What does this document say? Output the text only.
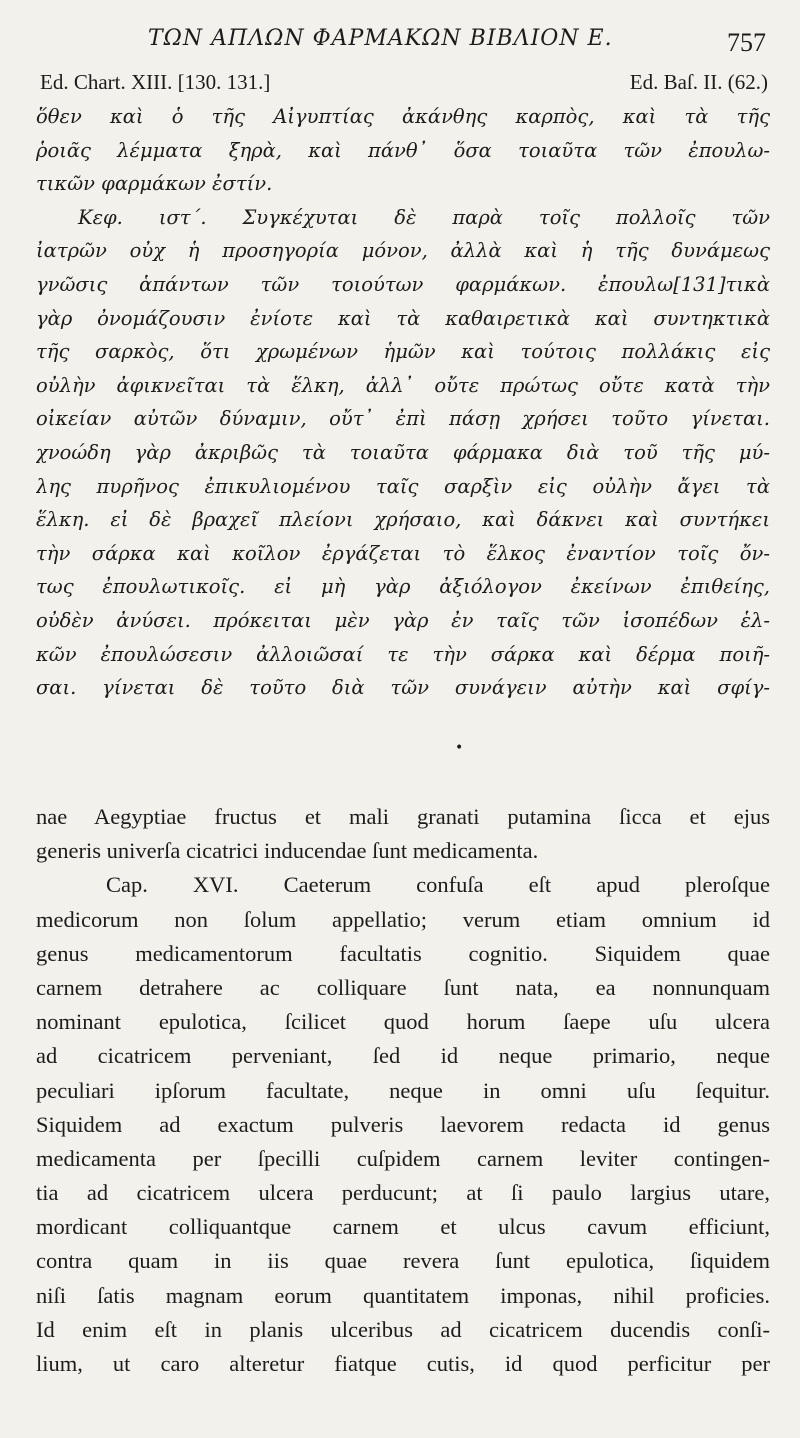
ΤΩΝ ΑΠΛΩΝ ΦΑΡΜΑΚΩΝ ΒΙΒΛΙΟΝ Ε.	757
Ed. Chart. XIII. [130. 131.]	Ed. Baſ. II. (62.)
ὅθεν καὶ ὁ τῆς Αἰγυπτίας ἀκάνθης καρπὸς, καὶ τὰ τῆς
ῥοιᾶς λέμματα ξηρὰ, καὶ πάνθ᾽ ὅσα τοιαῦτα τῶν ἐπουλω-
τικῶν φαρμάκων ἐστίν.
Κεφ. ιστ΄. Συγκέχυται δὲ παρὰ τοῖς πολλοῖς τῶν
ἰατρῶν οὐχ ἡ προσηγορία μόνον, ἀλλὰ καὶ ἡ τῆς δυνάμεως
γνῶσις ἁπάντων τῶν τοιούτων φαρμάκων. ἐπουλω[131]τικὰ
γὰρ ὀνομάζουσιν ἐνίοτε καὶ τὰ καθαιρετικὰ καὶ συντηκτικὰ
τῆς σαρκὸς, ὅτι χρωμένων ἡμῶν καὶ τούτοις πολλάκις εἰς
οὐλὴν ἀφικνεῖται τὰ ἕλκη, ἀλλ᾽ οὔτε πρώτως οὔτε κατὰ τὴν
οἰκείαν αὐτῶν δύναμιν, οὔτ᾽ ἐπὶ πάσῃ χρήσει τοῦτο γίνεται.
χνοώδη γὰρ ἀκριβῶς τὰ τοιαῦτα φάρμακα διὰ τοῦ τῆς μύ-
λης πυρῆνος ἐπικυλιομένου ταῖς σαρξὶν εἰς οὐλὴν ἄγει τὰ
ἕλκη. εἰ δὲ βραχεῖ πλείονι χρήσαιο, καὶ δάκνει καὶ συντήκει
τὴν σάρκα καὶ κοῖλον ἐργάζεται τὸ ἕλκος ἐναντίον τοῖς ὄν-
τως ἐπουλωτικοῖς. εἰ μὴ γὰρ ἀξιόλογον ἐκείνων ἐπιθείης,
οὐδὲν ἀνύσει. πρόκειται μὲν γὰρ ἐν ταῖς τῶν ἰσοπέδων ἑλ-
κῶν ἐπουλώσεσιν ἀλλοιῶσαί τε τὴν σάρκα καὶ δέρμα ποιῆ-
σαι. γίνεται δὲ τοῦτο διὰ τῶν συνάγειν αὐτὴν καὶ σφίγ-
•
nae Aegyptiae fructus et mali granati putamina ſicca et ejus
generis univerſa cicatrici inducendae ſunt medicamenta.
Cap. XVI. Caeterum confuſa eſt apud pleroſque
medicorum non ſolum appellatio; verum etiam omnium id
genus medicamentorum facultatis cognitio. Siquidem quae
carnem detrahere ac colliquare ſunt nata, ea nonnunquam
nominant epulotica, ſcilicet quod horum ſaepe uſu ulcera
ad cicatricem perveniant, ſed id neque primario, neque
peculiari ipſorum facultate, neque in omni uſu ſequitur.
Siquidem ad exactum pulveris laevorem redacta id genus
medicamenta per ſpecilli cuſpidem carnem leviter contingen-
tia ad cicatricem ulcera perducunt; at ſi paulo largius utare,
mordicant colliquantque carnem et ulcus cavum efficiunt,
contra quam in iis quae revera ſunt epulotica, ſiquidem
niſi ſatis magnam eorum quantitatem imponas, nihil proficies.
Id enim eſt in planis ulceribus ad cicatricem ducendis conſi-
lium, ut caro alteretur fiatque cutis, id quod perficitur per
